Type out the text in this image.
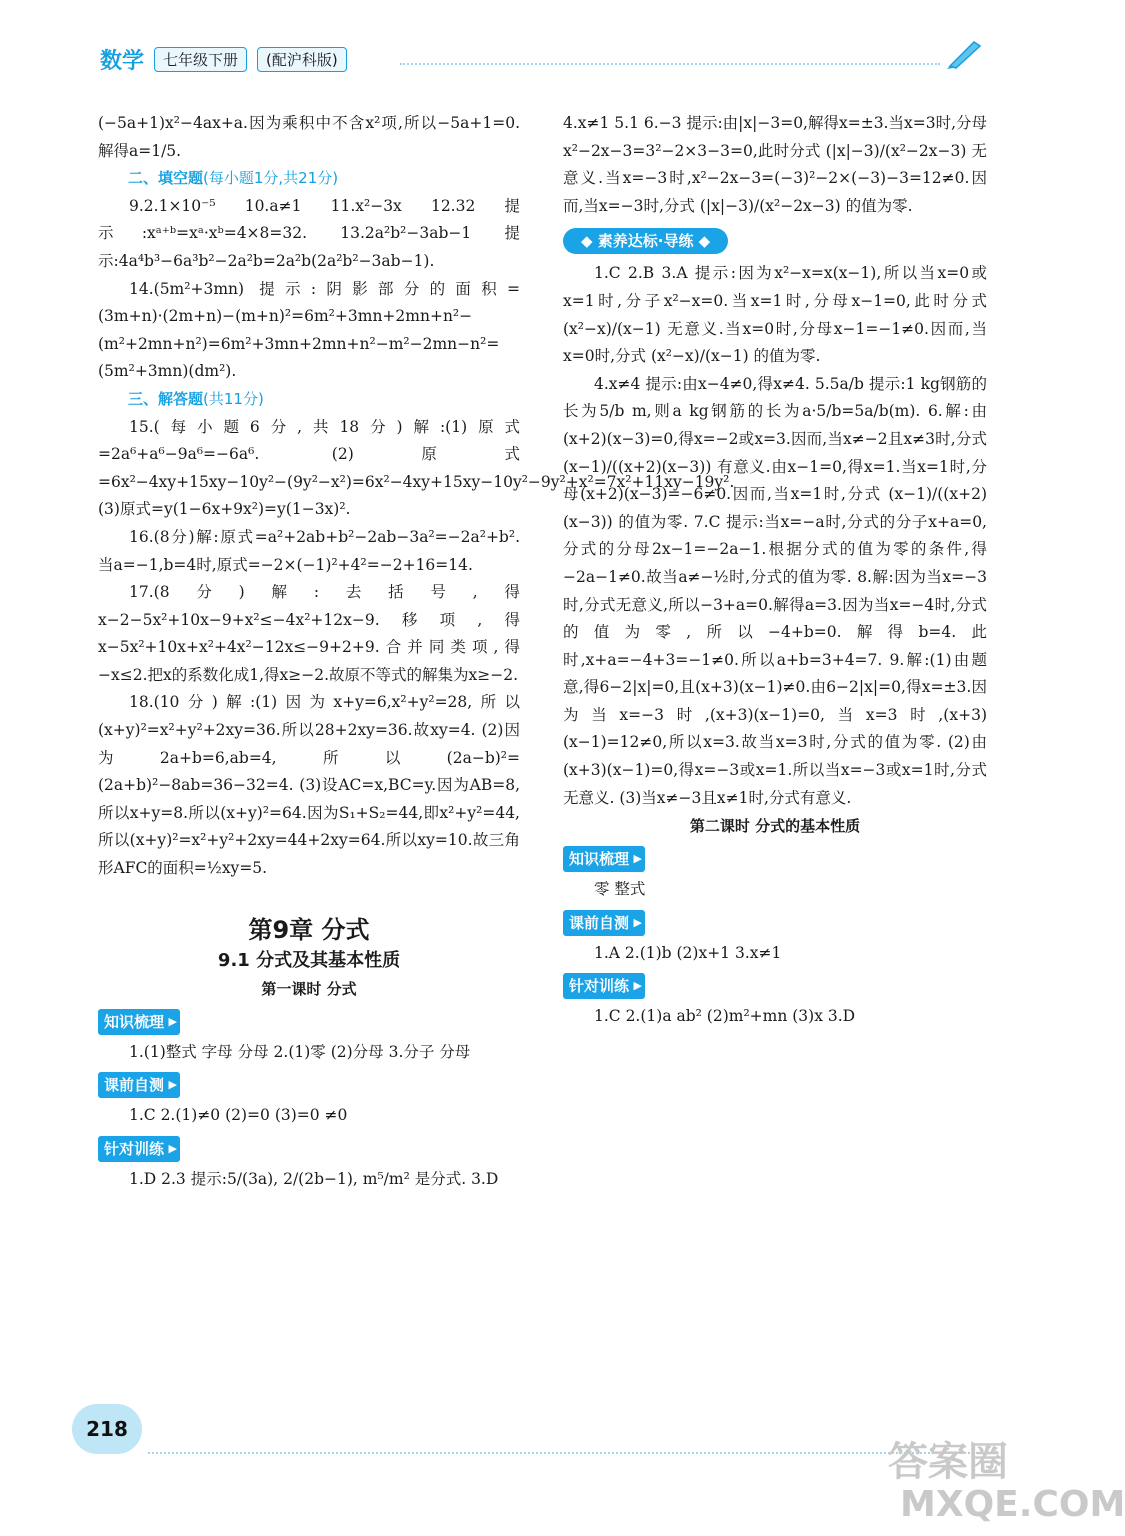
数学	七年级下册	(配沪科版)

(−5a+1)x²−4ax+a.因为乘积中不含x²项,所以−5a+1=0.解得a=1/5.

二、填空题(每小题1分,共21分)

9.2.1×10⁻⁵ 10.a≠1 11.x²−3x 12.32 提示:xᵃ⁺ᵇ=xᵃ·xᵇ=4×8=32. 13.2a²b²−3ab−1 提示:4a⁴b³−6a³b²−2a²b=2a²b(2a²b²−3ab−1).

14.(5m²+3mn) 提示:阴影部分的面积=(3m+n)·(2m+n)−(m+n)²=6m²+3mn+2mn+n²−(m²+2mn+n²)=6m²+3mn+2mn+n²−m²−2mn−n²=(5m²+3mn)(dm²).

三、解答题(共11分)

15.(每小题6分,共18分)解:(1)原式=2a⁶+a⁶−9a⁶=−6a⁶. (2)原式=6x²−4xy+15xy−10y²−(9y²−x²)=6x²−4xy+15xy−10y²−9y²+x²=7x²+11xy−19y². (3)原式=y(1−6x+9x²)=y(1−3x)².

16.(8分)解:原式=a²+2ab+b²−2ab−3a²=−2a²+b².当a=−1,b=4时,原式=−2×(−1)²+4²=−2+16=14.

17.(8分)解:去括号,得x−2−5x²+10x−9+x²≤−4x²+12x−9.移项,得x−5x²+10x+x²+4x²−12x≤−9+2+9.合并同类项,得−x≤2.把x的系数化成1,得x≥−2.故原不等式的解集为x≥−2.

18.(10分)解:(1)因为x+y=6,x²+y²=28,所以(x+y)²=x²+y²+2xy=36.所以28+2xy=36.故xy=4. (2)因为2a+b=6,ab=4,所以(2a−b)²=(2a+b)²−8ab=36−32=4. (3)设AC=x,BC=y.因为AB=8,所以x+y=8.所以(x+y)²=64.因为S₁+S₂=44,即x²+y²=44,所以(x+y)²=x²+y²+2xy=44+2xy=64.所以xy=10.故三角形AFC的面积=½xy=5.

第9章 分式
9.1 分式及其基本性质
第一课时 分式
知识梳理 ▶

1.(1)整式 字母 分母 2.(1)零 (2)分母 3.分子 分母

课前自测 ▶

1.C 2.(1)≠0 (2)=0 (3)=0 ≠0

针对训练 ▶

1.D 2.3 提示:5/(3a), 2/(2b−1), m⁵/m² 是分式. 3.D

4.x≠1 5.1 6.−3 提示:由|x|−3=0,解得x=±3.当x=3时,分母x²−2x−3=3²−2×3−3=0,此时分式 (|x|−3)/(x²−2x−3) 无意义.当x=−3时,x²−2x−3=(−3)²−2×(−3)−3=12≠0.因而,当x=−3时,分式 (|x|−3)/(x²−2x−3) 的值为零.

◆ 素养达标·导练 ◆

1.C 2.B 3.A 提示:因为x²−x=x(x−1),所以当x=0或x=1时,分子x²−x=0.当x=1时,分母x−1=0,此时分式 (x²−x)/(x−1) 无意义.当x=0时,分母x−1=−1≠0.因而,当x=0时,分式 (x²−x)/(x−1) 的值为零.

4.x≠4 提示:由x−4≠0,得x≠4. 5.5a/b 提示:1 kg钢筋的长为5/b m,则a kg钢筋的长为a·5/b=5a/b(m). 6.解:由(x+2)(x−3)=0,得x=−2或x=3.因而,当x≠−2且x≠3时,分式 (x−1)/((x+2)(x−3)) 有意义.由x−1=0,得x=1.当x=1时,分母(x+2)(x−3)=−6≠0.因而,当x=1时,分式 (x−1)/((x+2)(x−3)) 的值为零. 7.C 提示:当x=−a时,分式的分子x+a=0,分式的分母2x−1=−2a−1.根据分式的值为零的条件,得−2a−1≠0.故当a≠−½时,分式的值为零. 8.解:因为当x=−3时,分式无意义,所以−3+a=0.解得a=3.因为当x=−4时,分式的值为零,所以−4+b=0.解得b=4.此时,x+a=−4+3=−1≠0.所以a+b=3+4=7. 9.解:(1)由题意,得6−2|x|=0,且(x+3)(x−1)≠0.由6−2|x|=0,得x=±3.因为当x=−3时,(x+3)(x−1)=0,当x=3时,(x+3)(x−1)=12≠0,所以x=3.故当x=3时,分式的值为零. (2)由(x+3)(x−1)=0,得x=−3或x=1.所以当x=−3或x=1时,分式无意义. (3)当x≠−3且x≠1时,分式有意义.

第二课时 分式的基本性质
知识梳理 ▶

零 整式

课前自测 ▶

1.A 2.(1)b (2)x+1 3.x≠1

针对训练 ▶

1.C 2.(1)a ab² (2)m²+mn (3)x 3.D

218
答案圈
MXQE.COM
